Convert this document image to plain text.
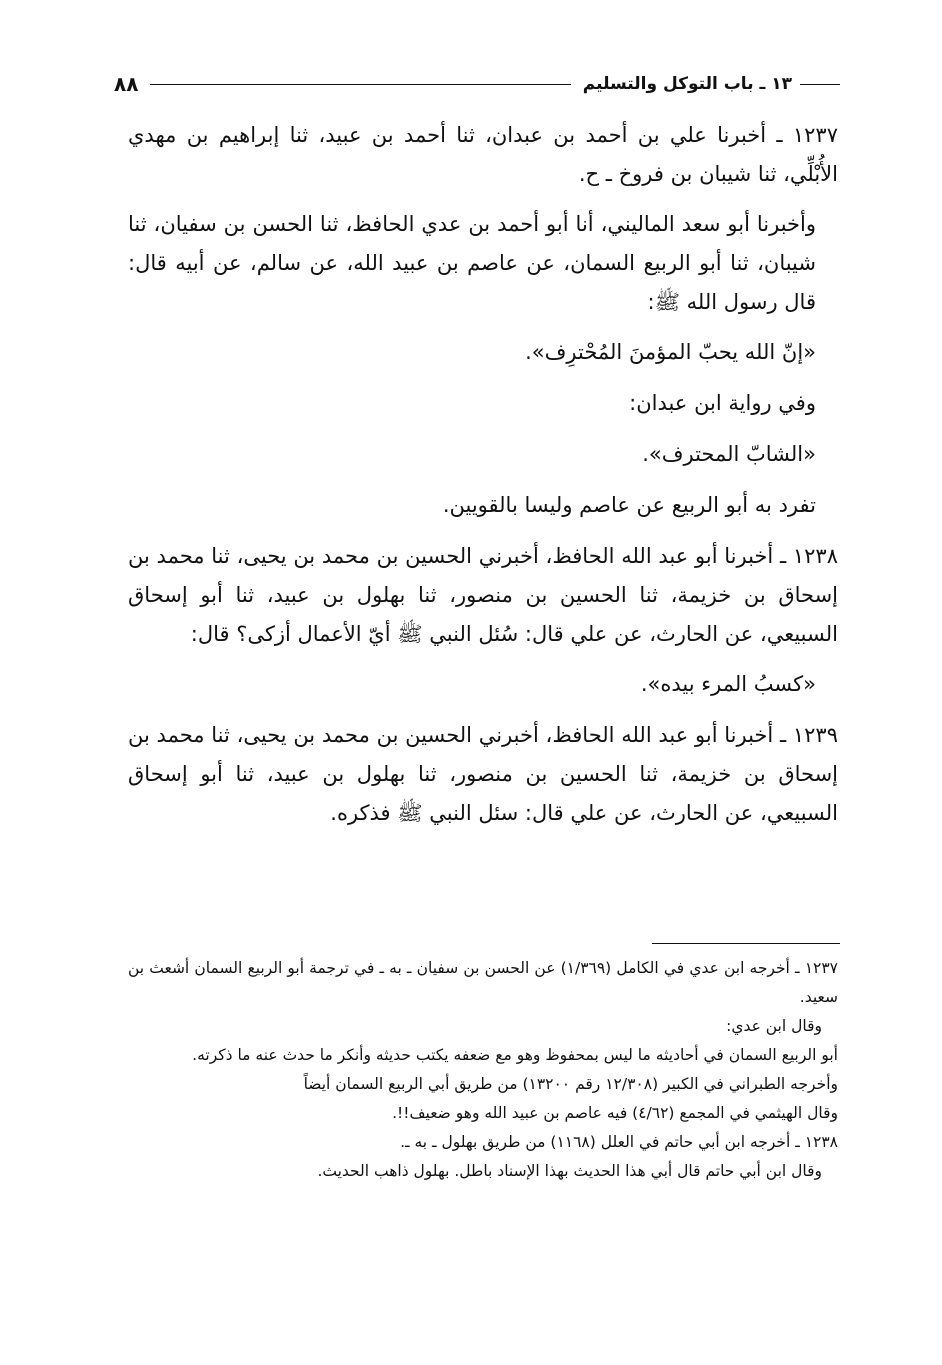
٨٨	١٣ ـ باب التوكل والتسليم

١٢٣٧ ـ أخبرنا علي بن أحمد بن عبدان، ثنا أحمد بن عبيد، ثنا إبراهيم بن مهدي الأُبْلِّي، ثنا شيبان بن فروخ ـ ح.

وأخبرنا أبو سعد الماليني، أنا أبو أحمد بن عدي الحافظ، ثنا الحسن بن سفيان، ثنا شيبان، ثنا أبو الربيع السمان، عن عاصم بن عبيد الله، عن سالم، عن أبيه قال: قال رسول الله ﷺ:

«إنّ الله يحبّ المؤمنَ المُحْترِف».

وفي رواية ابن عبدان:

«الشابّ المحترف».

تفرد به أبو الربيع عن عاصم وليسا بالقويين.

١٢٣٨ ـ أخبرنا أبو عبد الله الحافظ، أخبرني الحسين بن محمد بن يحيى، ثنا محمد بن إسحاق بن خزيمة، ثنا الحسين بن منصور، ثنا بهلول بن عبيد، ثنا أبو إسحاق السبيعي، عن الحارث، عن علي قال: سُئل النبي ﷺ أيّ الأعمال أزكى؟ قال:

«كسبُ المرء بيده».

١٢٣٩ ـ أخبرنا أبو عبد الله الحافظ، أخبرني الحسين بن محمد بن يحيى، ثنا محمد بن إسحاق بن خزيمة، ثنا الحسين بن منصور، ثنا بهلول بن عبيد، ثنا أبو إسحاق السبيعي، عن الحارث، عن علي قال: سئل النبي ﷺ فذكره.

١٢٣٧ ـ أخرجه ابن عدي في الكامل (١/٣٦٩) عن الحسن بن سفيان ـ به ـ في ترجمة أبو الربيع السمان أشعث بن سعيد.

وقال ابن عدي:

أبو الربيع السمان في أحاديثه ما ليس بمحفوظ وهو مع ضعفه يكتب حديثه وأنكر ما حدث عنه ما ذكرته.

وأخرجه الطبراني في الكبير (١٢/٣٠٨ رقم ١٣٢٠٠) من طريق أبي الربيع السمان أيضاً

وقال الهيثمي في المجمع (٤/٦٢) فيه عاصم بن عبيد الله وهو ضعيف!!.

١٢٣٨ ـ أخرجه ابن أبي حاتم في العلل (١١٦٨) من طريق بهلول ـ به ـ.

وقال ابن أبي حاتم قال أبي هذا الحديث بهذا الإسناد باطل. بهلول ذاهب الحديث.
